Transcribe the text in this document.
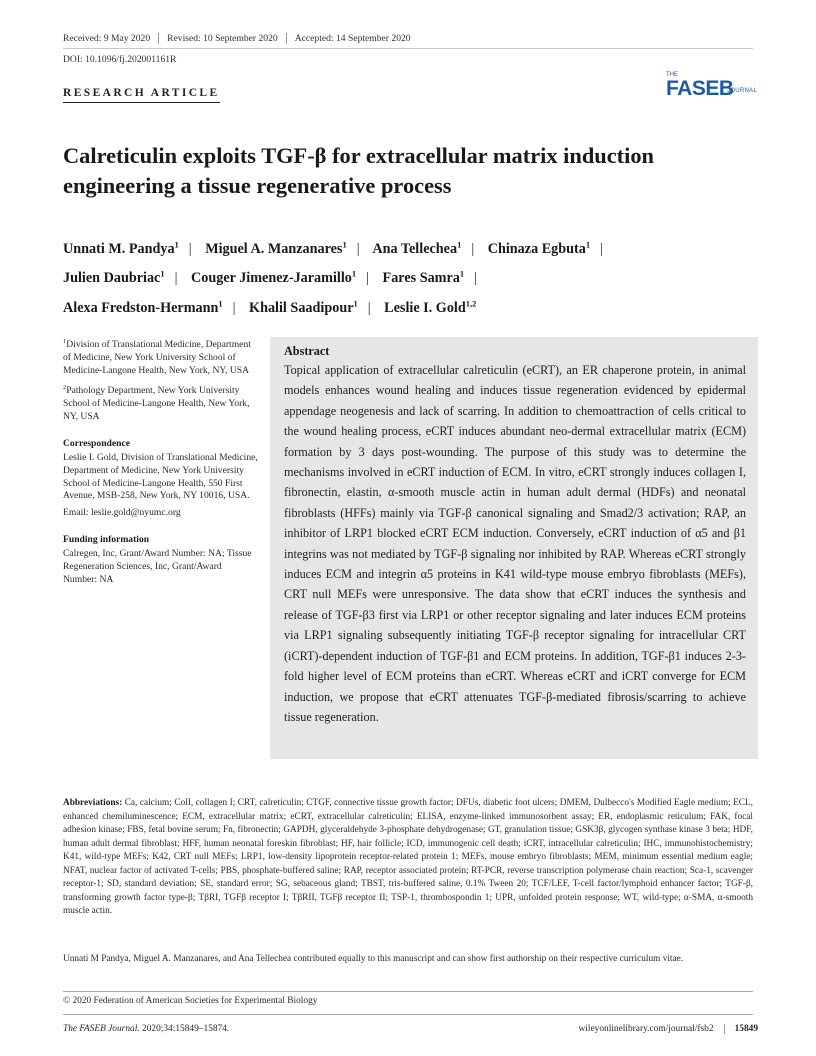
Received: 9 May 2020	Revised: 10 September 2020	Accepted: 14 September 2020
DOI: 10.1096/fj.202001161R
RESEARCH ARTICLE
THE
FASEB
JOURNAL
Calreticulin exploits TGF-β for extracellular matrix induction engineering a tissue regenerative process
Unnati M. Pandya$^1$ | Miguel A. Manzanares$^1$ | Ana Tellechea$^1$ | Chinaza Egbuta$^1$ |
Julien Daubriac$^1$ | Couger Jimenez-Jaramillo$^1$ | Fares Samra$^1$ |
Alexa Fredston-Hermann$^1$ | Khalil Saadipour$^1$ | Leslie I. Gold$^{1,2}$

$^1$Division of Translational Medicine, Department of Medicine, New York University School of Medicine-Langone Health, New York, NY, USA

$^2$Pathology Department, New York University School of Medicine-Langone Health, New York, NY, USA

Correspondence

Leslie I. Gold, Division of Translational Medicine, Department of Medicine, New York University School of Medicine-Langone Health, 550 First Avenue, MSB-258, New York, NY 10016, USA.

Email: leslie.gold@nyumc.org

Funding information

Calregen, Inc, Grant/Award Number: NA; Tissue Regeneration Sciences, Inc, Grant/Award Number: NA

Abstract

Topical application of extracellular calreticulin (eCRT), an ER chaperone protein, in animal models enhances wound healing and induces tissue regeneration evidenced by epidermal appendage neogenesis and lack of scarring. In addition to chemoattraction of cells critical to the wound healing process, eCRT induces abundant neo-dermal extracellular matrix (ECM) formation by 3 days post-wounding. The purpose of this study was to determine the mechanisms involved in eCRT induction of ECM. In vitro, eCRT strongly induces collagen I, fibronectin, elastin, α-smooth muscle actin in human adult dermal (HDFs) and neonatal fibroblasts (HFFs) mainly via TGF-β canonical signaling and Smad2/3 activation; RAP, an inhibitor of LRP1 blocked eCRT ECM induction. Conversely, eCRT induction of α5 and β1 integrins was not mediated by TGF-β signaling nor inhibited by RAP. Whereas eCRT strongly induces ECM and integrin α5 proteins in K41 wild-type mouse embryo fibroblasts (MEFs), CRT null MEFs were unresponsive. The data show that eCRT induces the synthesis and release of TGF-β3 first via LRP1 or other receptor signaling and later induces ECM proteins via LRP1 signaling subsequently initiating TGF-β receptor signaling for intracellular CRT (iCRT)-dependent induction of TGF-β1 and ECM proteins. In addition, TGF-β1 induces 2-3-fold higher level of ECM proteins than eCRT. Whereas eCRT and iCRT converge for ECM induction, we propose that eCRT attenuates TGF-β-mediated fibrosis/scarring to achieve tissue regeneration.

Abbreviations: Ca, calcium; ColI, collagen I; CRT, calreticulin; CTGF, connective tissue growth factor; DFUs, diabetic foot ulcers; DMEM, Dulbecco's Modified Eagle medium; ECL, enhanced chemiluminescence; ECM, extracellular matrix; eCRT, extracellular calreticulin; ELISA, enzyme-linked immunosorbent assay; ER, endoplasmic reticulum; FAK, focal adhesion kinase; FBS, fetal bovine serum; Fn, fibronectin; GAPDH, glyceraldehyde 3-phosphate dehydrogenase; GT, granulation tissue; GSK3β, glycogen synthase kinase 3 beta; HDF, human adult dermal fibroblast; HFF, human neonatal foreskin fibroblast; HF, hair follicle; ICD, immunogenic cell death; iCRT, intracellular calreticulin; IHC, immunohistochemistry; K41, wild-type MEFs; K42, CRT null MEFs; LRP1, low-density lipoprotein receptor-related protein 1; MEFs, mouse embryo fibroblasts; MEM, minimum essential medium eagle; NFAT, nuclear factor of activated T-cells; PBS, phosphate-buffered saline; RAP, receptor associated protein; RT-PCR, reverse transcription polymerase chain reaction; Sca-1, scavenger receptor-1; SD, standard deviation; SE, standard error; SG, sebaceous gland; TBST, tris-buffered saline, 0.1% Tween 20; TCF/LEF, T-cell factor/lymphoid enhancer factor; TGF-β, transforming growth factor type-β; TβRI, TGFβ receptor I; TβRII, TGFβ receptor II; TSP-1, thrombospondin 1; UPR, unfolded protein response; WT, wild-type; α-SMA, α-smooth muscle actin.
Unnati M Pandya, Miguel A. Manzanares, and Ana Tellechea contributed equally to this manuscript and can show first authorship on their respective curriculum vitae.
© 2020 Federation of American Societies for Experimental Biology
The FASEB Journal. 2020;34:15849–15874.	wileyonlinelibrary.com/journal/fsb2	15849
